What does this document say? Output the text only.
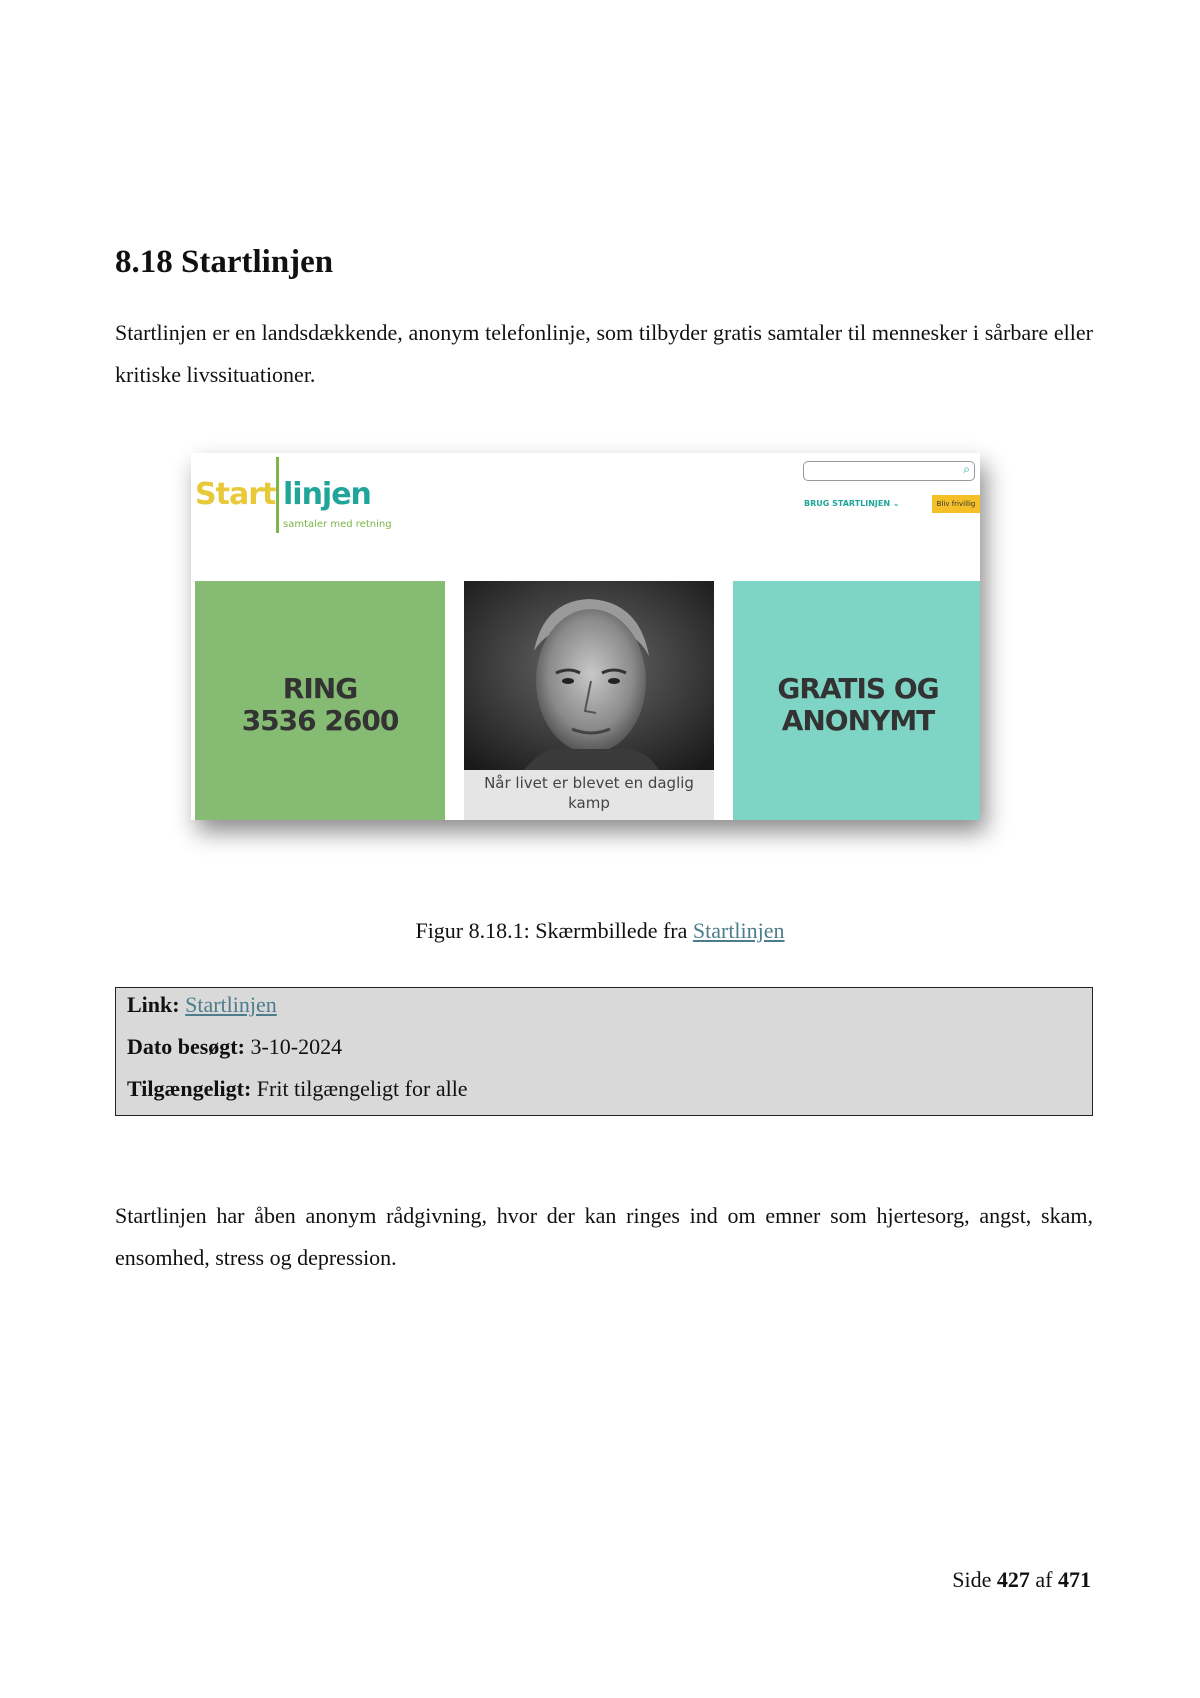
8.18 Startlinjen

Startlinjen er en landsdækkende, anonym telefonlinje, som tilbyder gratis samtaler til mennesker i sårbare eller kritiske livssituationer.

Start linjen
samtaler med retning
⌕
BRUG STARTLINJEN ⌄	Bliv frivillig
RING
3536 2600
Når livet er blevet en daglig kamp
GRATIS OG
ANONYMT

Figur 8.18.1: Skærmbillede fra Startlinjen

Link: Startlinjen
Dato besøgt: 3-10-2024
Tilgængeligt: Frit tilgængeligt for alle

Startlinjen har åben anonym rådgivning, hvor der kan ringes ind om emner som hjertesorg, angst, skam, ensomhed, stress og depression.

Side 427 af 471
